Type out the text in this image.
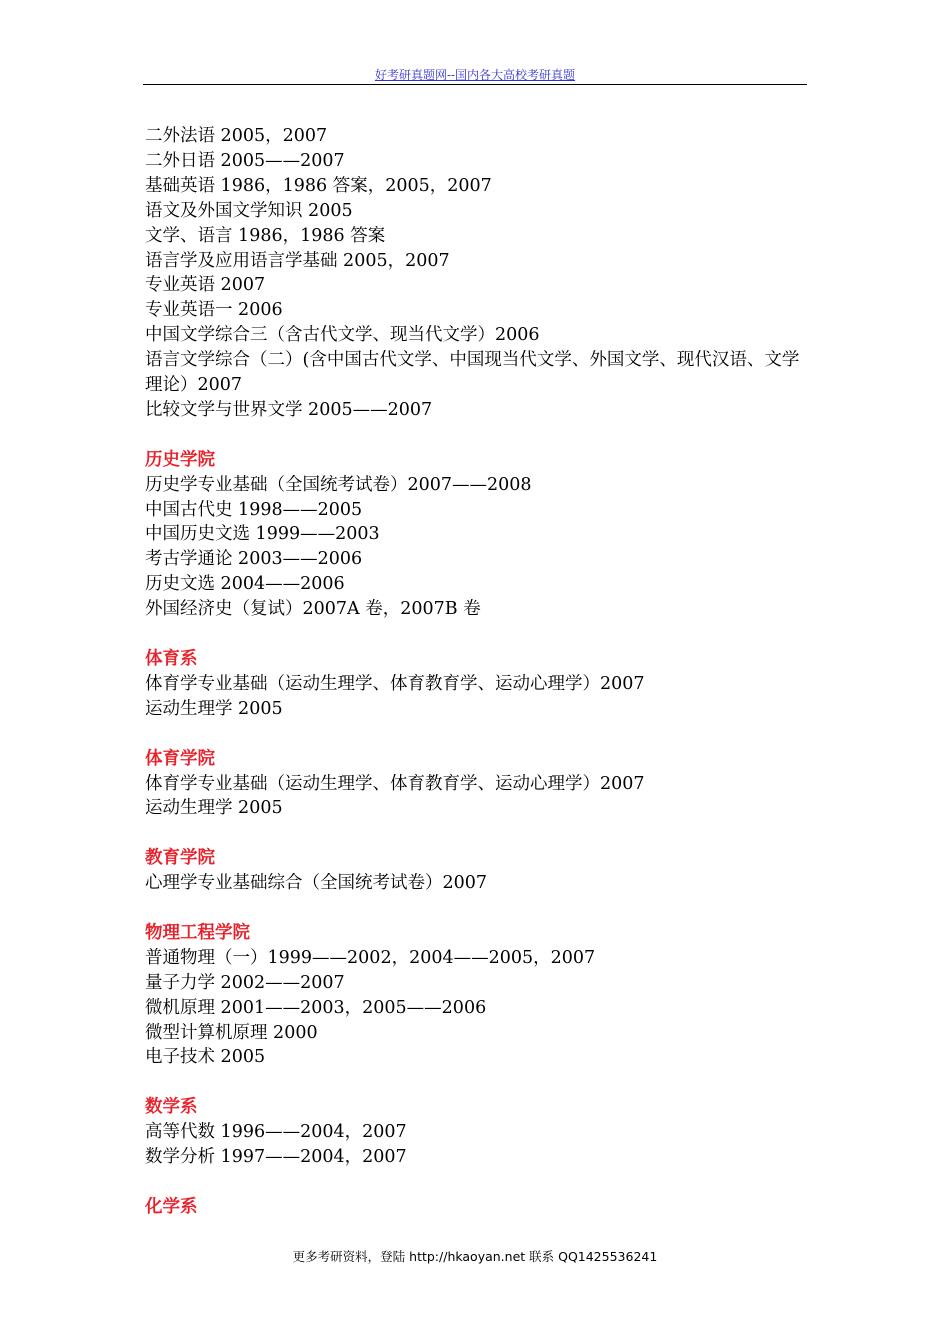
好考研真题网--国内各大高校考研真题
二外法语 2005，2007
二外日语 2005——2007
基础英语 1986，1986 答案，2005，2007
语文及外国文学知识 2005
文学、语言 1986，1986 答案
语言学及应用语言学基础 2005，2007
专业英语 2007
专业英语一 2006
中国文学综合三（含古代文学、现当代文学）2006
语言文学综合（二）(含中国古代文学、中国现当代文学、外国文学、现代汉语、文学理论）2007
比较文学与世界文学 2005——2007
历史学院
历史学专业基础（全国统考试卷）2007——2008
中国古代史 1998——2005
中国历史文选 1999——2003
考古学通论 2003——2006
历史文选 2004——2006
外国经济史（复试）2007A 卷，2007B 卷
体育系
体育学专业基础（运动生理学、体育教育学、运动心理学）2007
运动生理学 2005
体育学院
体育学专业基础（运动生理学、体育教育学、运动心理学）2007
运动生理学 2005
教育学院
心理学专业基础综合（全国统考试卷）2007
物理工程学院
普通物理（一）1999——2002，2004——2005，2007
量子力学 2002——2007
微机原理 2001——2003，2005——2006
微型计算机原理 2000
电子技术 2005
数学系
高等代数 1996——2004，2007
数学分析 1997——2004，2007
化学系
更多考研资料，登陆 http://hkaoyan.net 联系 QQ1425536241
